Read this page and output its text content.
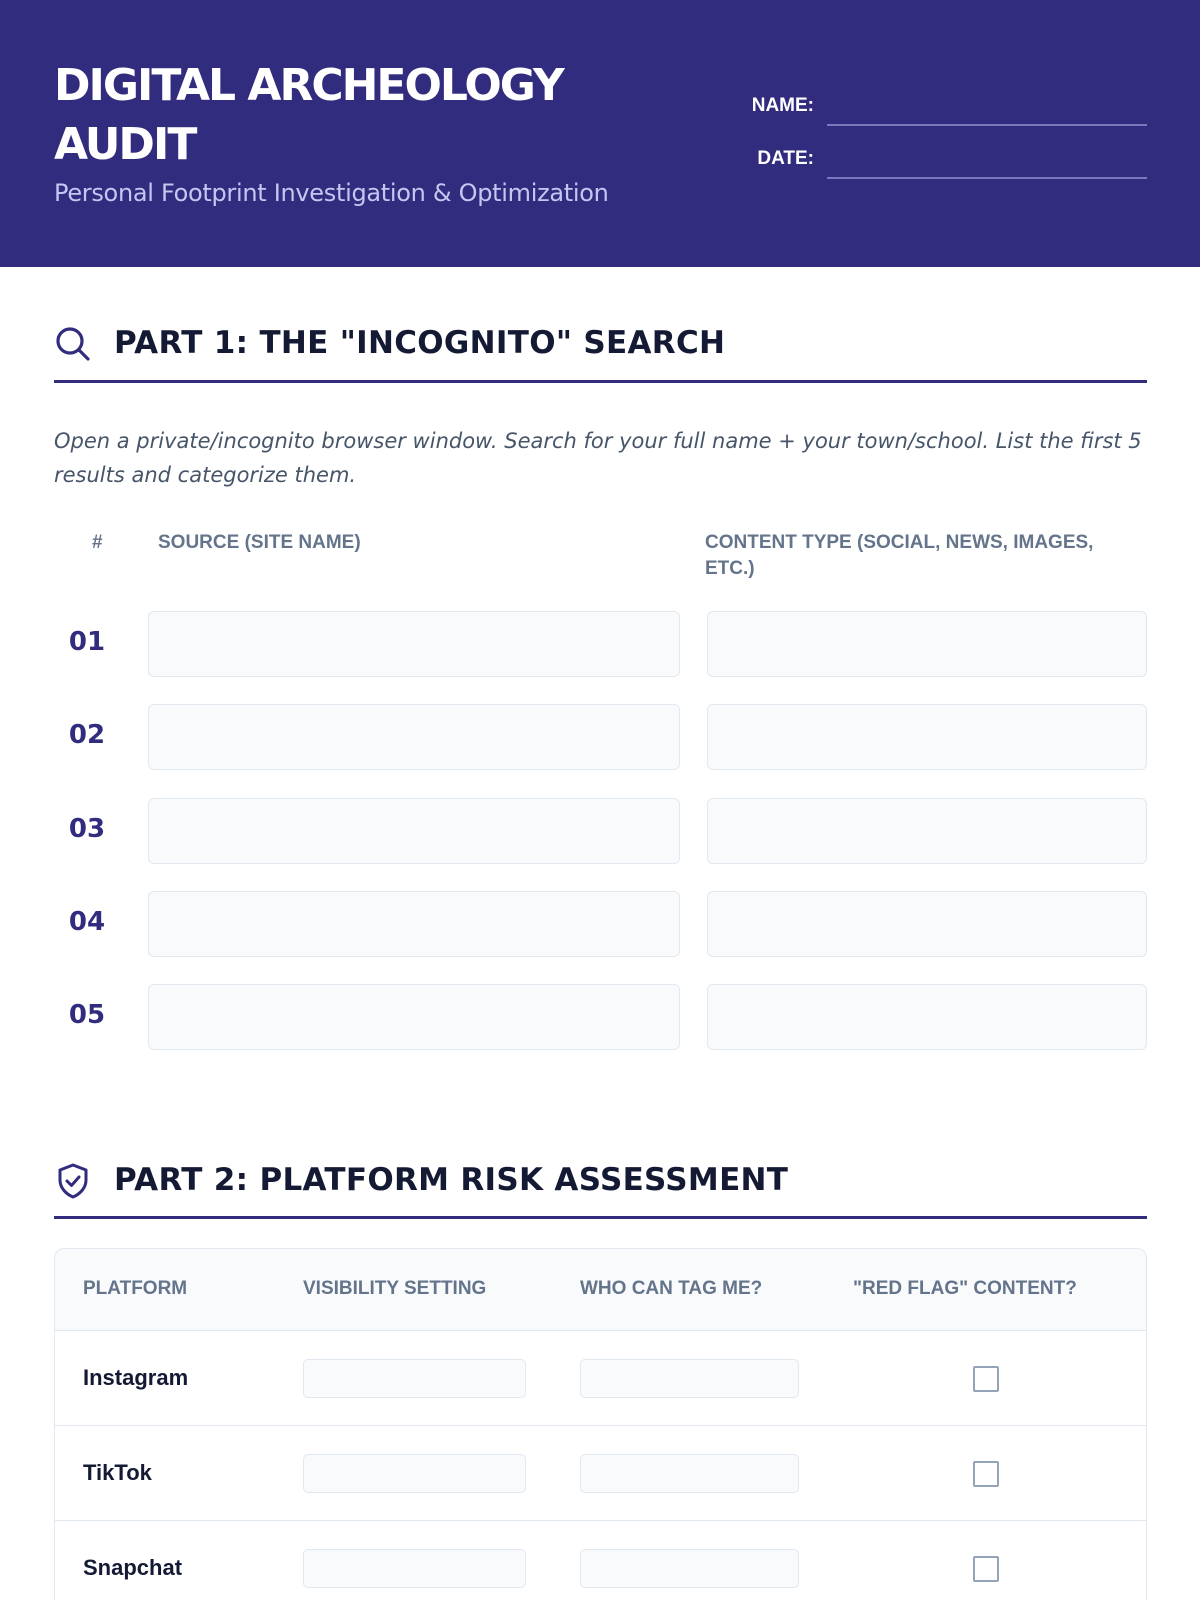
DIGITAL ARCHEOLOGY AUDIT
Personal Footprint Investigation & Optimization
NAME:
DATE:
PART 1: THE "INCOGNITO" SEARCH
Open a private/incognito browser window. Search for your full name + your town/school. List the first 5 results and categorize them.
#	SOURCE (SITE NAME)	CONTENT TYPE (SOCIAL, NEWS, IMAGES, ETC.)
01
02
03
04
05
PART 2: PLATFORM RISK ASSESSMENT
PLATFORM	VISIBILITY SETTING	WHO CAN TAG ME?	"RED FLAG" CONTENT?
Instagram
TikTok
Snapchat
